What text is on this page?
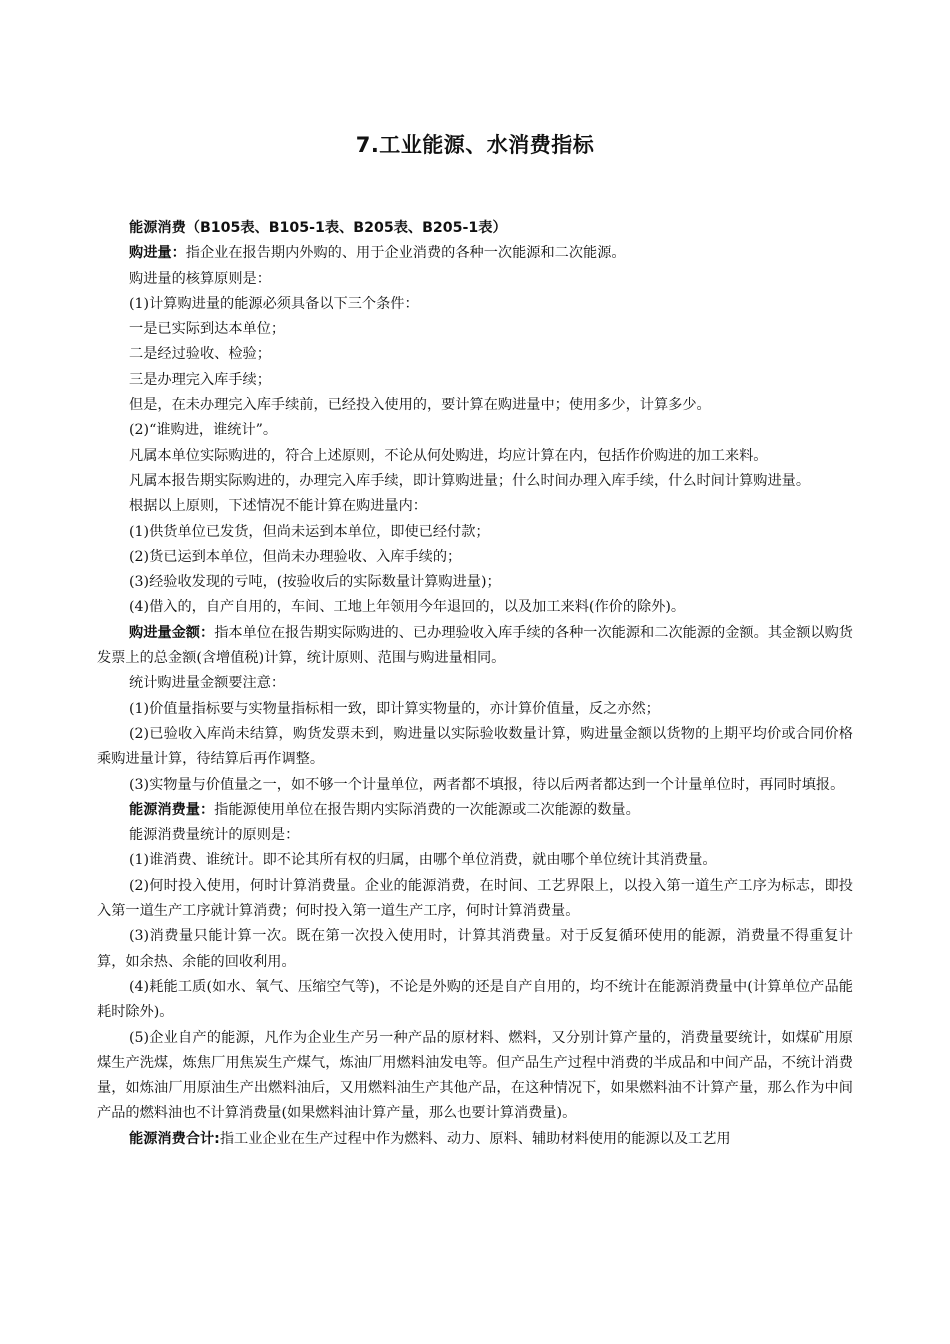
7.工业能源、水消费指标

能源消费（B105表、B105-1表、B205表、B205-1表）

购进量：指企业在报告期内外购的、用于企业消费的各种一次能源和二次能源。

购进量的核算原则是：

(1)计算购进量的能源必须具备以下三个条件：

一是已实际到达本单位；

二是经过验收、检验；

三是办理完入库手续；

但是，在未办理完入库手续前，已经投入使用的，要计算在购进量中；使用多少，计算多少。

(2)“谁购进，谁统计”。

凡属本单位实际购进的，符合上述原则，不论从何处购进，均应计算在内，包括作价购进的加工来料。

凡属本报告期实际购进的，办理完入库手续，即计算购进量；什么时间办理入库手续，什么时间计算购进量。

根据以上原则，下述情况不能计算在购进量内：

(1)供货单位已发货，但尚未运到本单位，即使已经付款；

(2)货已运到本单位，但尚未办理验收、入库手续的；

(3)经验收发现的亏吨，(按验收后的实际数量计算购进量)；

(4)借入的，自产自用的，车间、工地上年领用今年退回的，以及加工来料(作价的除外)。

购进量金额：指本单位在报告期实际购进的、已办理验收入库手续的各种一次能源和二次能源的金额。其金额以购货发票上的总金额(含增值税)计算，统计原则、范围与购进量相同。

统计购进量金额要注意：

(1)价值量指标要与实物量指标相一致，即计算实物量的，亦计算价值量，反之亦然；

(2)已验收入库尚未结算，购货发票未到，购进量以实际验收数量计算，购进量金额以货物的上期平均价或合同价格乘购进量计算，待结算后再作调整。

(3)实物量与价值量之一，如不够一个计量单位，两者都不填报，待以后两者都达到一个计量单位时，再同时填报。

能源消费量：指能源使用单位在报告期内实际消费的一次能源或二次能源的数量。

能源消费量统计的原则是：

(1)谁消费、谁统计。即不论其所有权的归属，由哪个单位消费，就由哪个单位统计其消费量。

(2)何时投入使用，何时计算消费量。企业的能源消费，在时间、工艺界限上，以投入第一道生产工序为标志，即投入第一道生产工序就计算消费；何时投入第一道生产工序，何时计算消费量。

(3)消费量只能计算一次。既在第一次投入使用时，计算其消费量。对于反复循环使用的能源，消费量不得重复计算，如余热、余能的回收利用。

(4)耗能工质(如水、氧气、压缩空气等)，不论是外购的还是自产自用的，均不统计在能源消费量中(计算单位产品能耗时除外)。

(5)企业自产的能源，凡作为企业生产另一种产品的原材料、燃料，又分别计算产量的，消费量要统计，如煤矿用原煤生产洗煤，炼焦厂用焦炭生产煤气，炼油厂用燃料油发电等。但产品生产过程中消费的半成品和中间产品，不统计消费量，如炼油厂用原油生产出燃料油后，又用燃料油生产其他产品，在这种情况下，如果燃料油不计算产量，那么作为中间产品的燃料油也不计算消费量(如果燃料油计算产量，那么也要计算消费量)。

能源消费合计:指工业企业在生产过程中作为燃料、动力、原料、辅助材料使用的能源以及工艺用
